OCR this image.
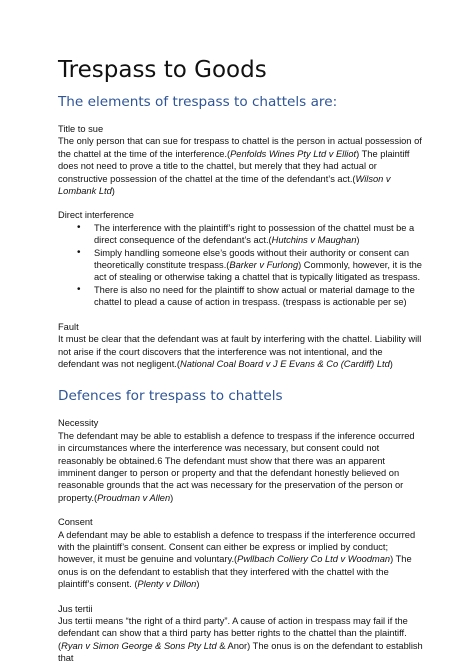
Trespass to Goods
The elements of trespass to chattels are:

Title to sue

The only person that can sue for trespass to chattel is the person in actual possession of the chattel at the time of the interference.(Penfolds Wines Pty Ltd v Elliot) The plaintiff does not need to prove a title to the chattel, but merely that they had actual or constructive possession of the chattel at the time of the defendant’s act.(Wilson v Lombank Ltd)

Direct interference

• The interference with the plaintiff’s right to possession of the chattel must be a direct consequence of the defendant’s act.(Hutchins v Maughan)
• Simply handling someone else’s goods without their authority or consent can theoretically constitute trespass.(Barker v Furlong) Commonly, however, it is the act of stealing or otherwise taking a chattel that is typically litigated as trespass.
• There is also no need for the plaintiff to show actual or material damage to the chattel to plead a cause of action in trespass. (trespass is actionable per se)

Fault

It must be clear that the defendant was at fault by interfering with the chattel. Liability will not arise if the court discovers that the interference was not intentional, and the defendant was not negligent.(National Coal Board v J E Evans & Co (Cardiff) Ltd)

Defences for trespass to chattels

Necessity

The defendant may be able to establish a defence to trespass if the inference occurred in circumstances where the interference was necessary, but consent could not reasonably be obtained.6 The defendant must show that there was an apparent imminent danger to person or property and that the defendant honestly believed on reasonable grounds that the act was necessary for the preservation of the person or property.(Proudman v Allen)

Consent

A defendant may be able to establish a defence to trespass if the interference occurred with the plaintiff’s consent. Consent can either be express or implied by conduct; however, it must be genuine and voluntary.(Pwllbach Colliery Co Ltd v Woodman) The onus is on the defendant to establish that they interfered with the chattel with the plaintiff’s consent. (Plenty v Dillon)

Jus tertii

Jus tertii means “the right of a third party”. A cause of action in trespass may fail if the defendant can show that a third party has better rights to the chattel than the plaintiff. (Ryan v Simon George & Sons Pty Ltd & Anor) The onus is on the defendant to establish that
